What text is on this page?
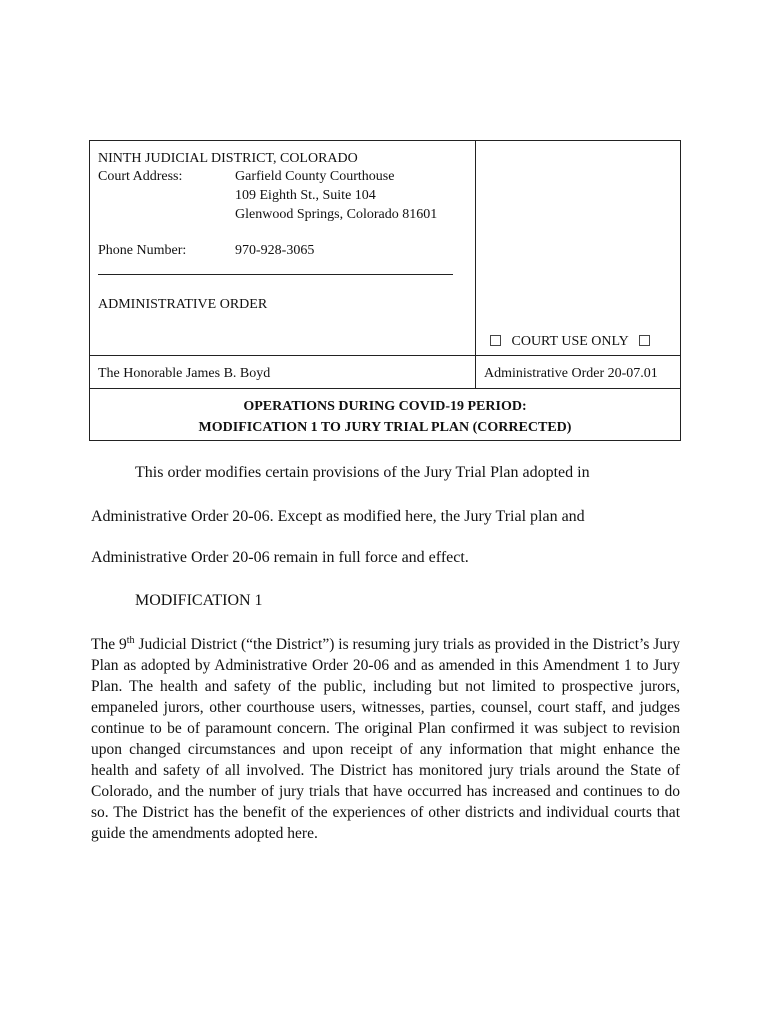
NINTH JUDICIAL DISTRICT, COLORADO
Court Address:	Garfield County Courthouse
109 Eighth St., Suite 104
Glenwood Springs, Colorado 81601
Phone Number:	970-928-3065
ADMINISTRATIVE ORDER
COURT USE ONLY
The Honorable James B. Boyd	Administrative Order 20-07.01
OPERATIONS DURING COVID-19 PERIOD:
MODIFICATION 1 TO JURY TRIAL PLAN (CORRECTED)
This order modifies certain provisions of the Jury Trial Plan adopted in
Administrative Order 20-06. Except as modified here, the Jury Trial plan and
Administrative Order 20-06 remain in full force and effect.
MODIFICATION 1
The 9th Judicial District (“the District”) is resuming jury trials as provided in the District’s Jury Plan as adopted by Administrative Order 20-06 and as amended in this Amendment 1 to Jury Plan. The health and safety of the public, including but not limited to prospective jurors, empaneled jurors, other courthouse users, witnesses, parties, counsel, court staff, and judges continue to be of paramount concern. The original Plan confirmed it was subject to revision upon changed circumstances and upon receipt of any information that might enhance the health and safety of all involved. The District has monitored jury trials around the State of Colorado, and the number of jury trials that have occurred has increased and continues to do so. The District has the benefit of the experiences of other districts and individual courts that guide the amendments adopted here.
